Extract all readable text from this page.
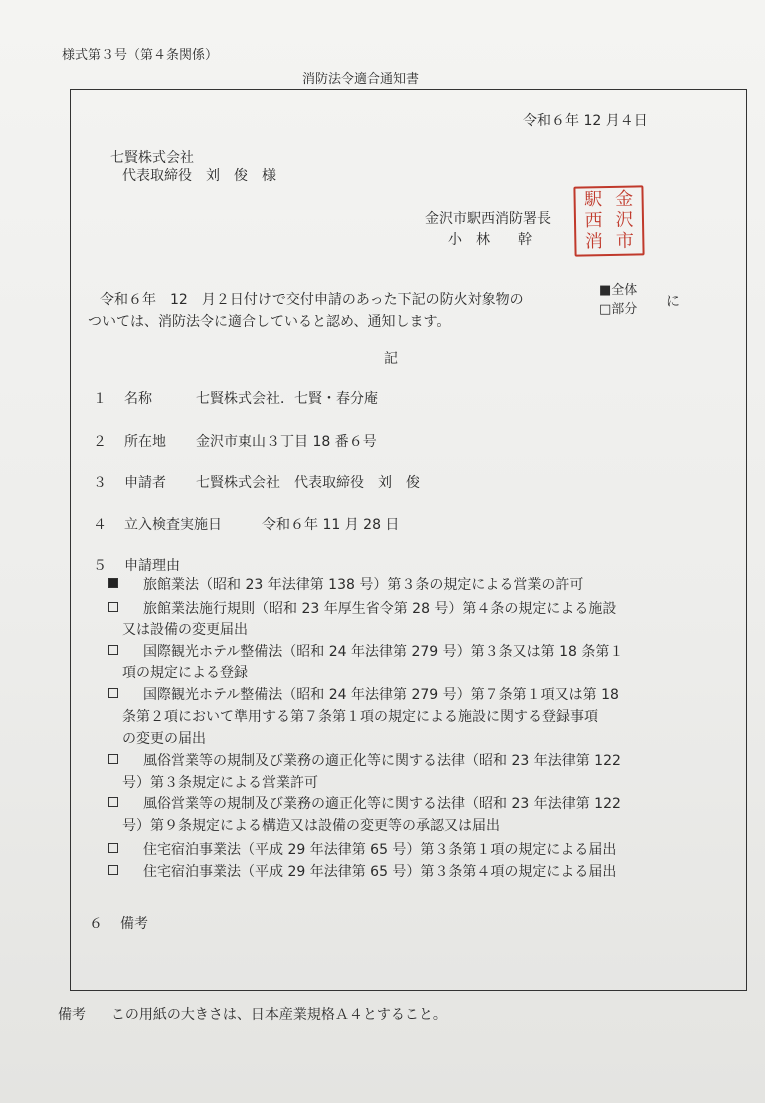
様式第３号（第４条関係）
消防法令適合通知書
令和６年 12 月４日
七賢株式会社
代表取締役　刘　俊　様
金沢市駅西消防署長
小　林　　幹
駅 金
西 沢
消 市
令和６年　12　月２日付けで交付申請のあった下記の防火対象物の
ついては、消防法令に適合していると認め、通知します。
■全体
□部分 に
記
１ 名称	七賢株式会社．七賢・春分庵
２ 所在地 金沢市東山３丁目 18 番６号
３ 申請者 七賢株式会社　代表取締役　刘　俊
４ 立入検査実施日	令和６年 11 月 28 日
５ 申請理由
旅館業法（昭和 23 年法律第 138 号）第３条の規定による営業の許可
旅館業法施行規則（昭和 23 年厚生省令第 28 号）第４条の規定による施設
又は設備の変更届出
国際観光ホテル整備法（昭和 24 年法律第 279 号）第３条又は第 18 条第１
項の規定による登録
国際観光ホテル整備法（昭和 24 年法律第 279 号）第７条第１項又は第 18
条第２項において準用する第７条第１項の規定による施設に関する登録事項
の変更の届出
風俗営業等の規制及び業務の適正化等に関する法律（昭和 23 年法律第 122
号）第３条規定による営業許可
風俗営業等の規制及び業務の適正化等に関する法律（昭和 23 年法律第 122
号）第９条規定による構造又は設備の変更等の承認又は届出
住宅宿泊事業法（平成 29 年法律第 65 号）第３条第１項の規定による届出
住宅宿泊事業法（平成 29 年法律第 65 号）第３条第４項の規定による届出
６ 備考
備考 この用紙の大きさは、日本産業規格Ａ４とすること。
